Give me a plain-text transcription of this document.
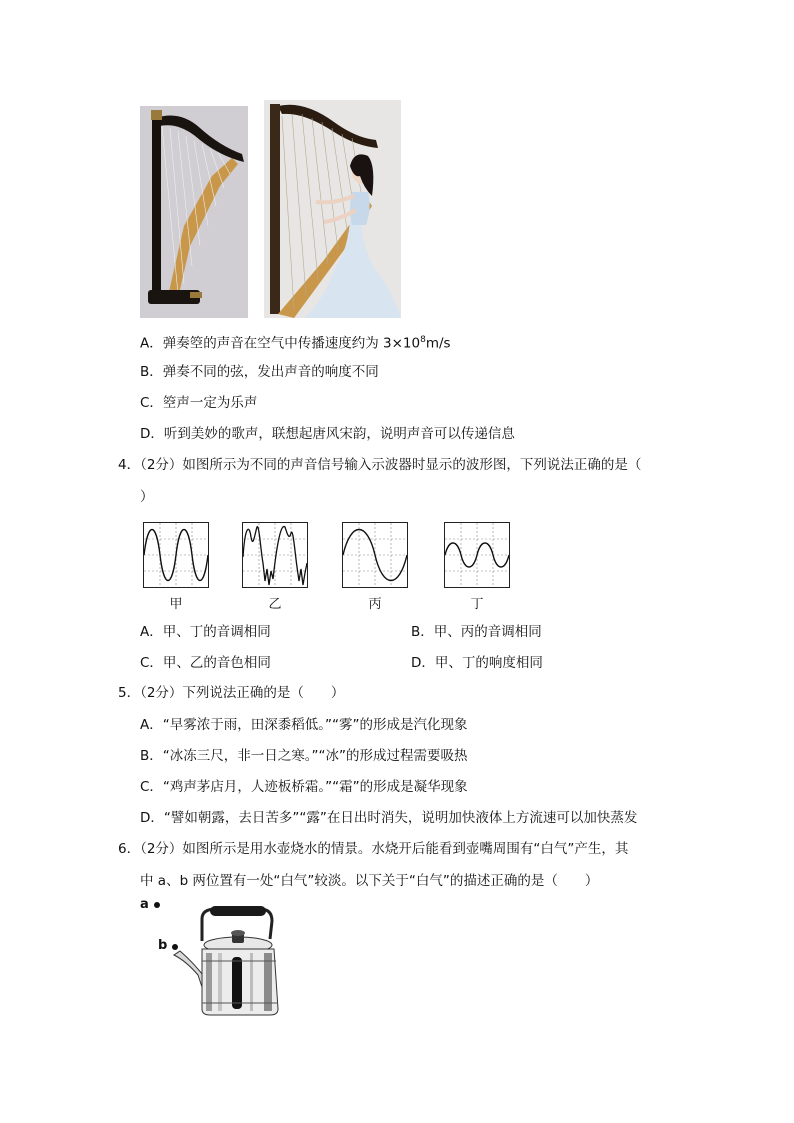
A．弹奏箜的声音在空气中传播速度约为 $3\times 10^8m/s$
B．弹奏不同的弦，发出声音的响度不同
C．箜声一定为乐声
D．听到美妙的歌声，联想起唐风宋韵，说明声音可以传递信息
4．（2分）如图所示为不同的声音信号输入示波器时显示的波形图，下列说法正确的是（
）
甲	乙	丙	丁
A．甲、丁的音调相同	B．甲、丙的音调相同
C．甲、乙的音色相同	D．甲、丁的响度相同
5．（2分）下列说法正确的是（　　）
A．“早雾浓于雨，田深黍稻低。”“雾”的形成是汽化现象
B．“冰冻三尺，非一日之寒。”“冰”的形成过程需要吸热
C．“鸡声茅店月，人迹板桥霜。”“霜”的形成是凝华现象
D．“譬如朝露，去日苦多”“露”在日出时消失，说明加快液体上方流速可以加快蒸发
6．（2分）如图所示是用水壶烧水的情景。水烧开后能看到壶嘴周围有“白气”产生，其
中 a、b 两位置有一处“白气”较淡。以下关于“白气”的描述正确的是（　　）
a
b
